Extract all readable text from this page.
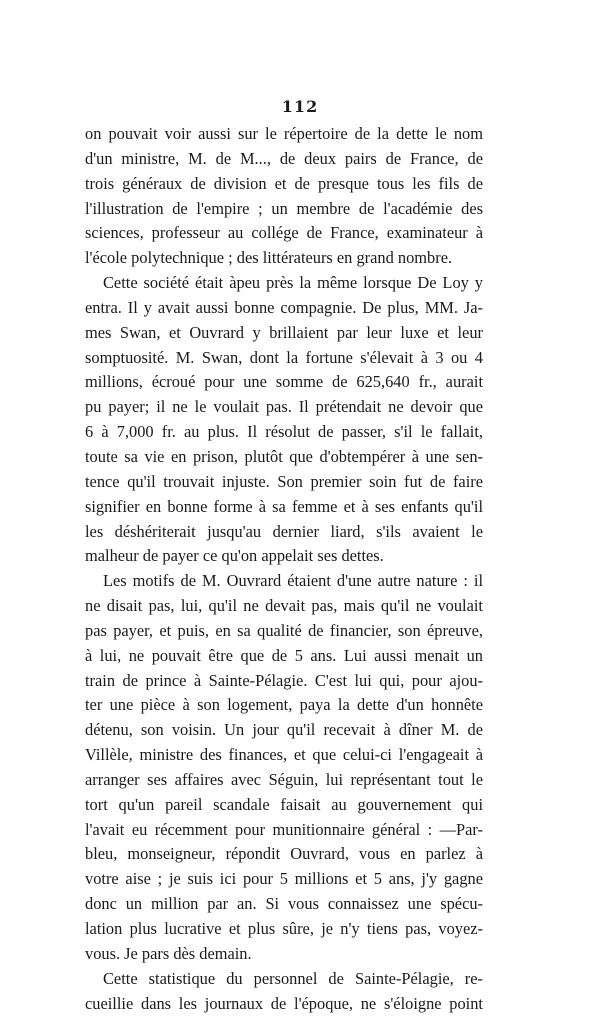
112
on pouvait voir aussi sur le répertoire de la dette le nom
d'un ministre, M. de M..., de deux pairs de France, de
trois généraux de division et de presque tous les fils de
l'illustration de l'empire ; un membre de l'académie des
sciences, professeur au collége de France, examinateur à
l'école polytechnique ; des littérateurs en grand nombre.
Cette société était àpeu près la même lorsque De Loy y
entra. Il y avait aussi bonne compagnie. De plus, MM. Ja-
mes Swan, et Ouvrard y brillaient par leur luxe et leur
somptuosité. M. Swan, dont la fortune s'élevait à 3 ou 4
millions, écroué pour une somme de 625,640 fr., aurait
pu payer; il ne le voulait pas. Il prétendait ne devoir que
6 à 7,000 fr. au plus. Il résolut de passer, s'il le fallait,
toute sa vie en prison, plutôt que d'obtempérer à une sen-
tence qu'il trouvait injuste. Son premier soin fut de faire
signifier en bonne forme à sa femme et à ses enfants qu'il
les déshériterait jusqu'au dernier liard, s'ils avaient le
malheur de payer ce qu'on appelait ses dettes.
Les motifs de M. Ouvrard étaient d'une autre nature : il
ne disait pas, lui, qu'il ne devait pas, mais qu'il ne voulait
pas payer, et puis, en sa qualité de financier, son épreuve,
à lui, ne pouvait être que de 5 ans. Lui aussi menait un
train de prince à Sainte-Pélagie. C'est lui qui, pour ajou-
ter une pièce à son logement, paya la dette d'un honnête
détenu, son voisin. Un jour qu'il recevait à dîner M. de
Villèle, ministre des finances, et que celui-ci l'engageait à
arranger ses affaires avec Séguin, lui représentant tout le
tort qu'un pareil scandale faisait au gouvernement qui
l'avait eu récemment pour munitionnaire général : —Par-
bleu, monseigneur, répondit Ouvrard, vous en parlez à
votre aise ; je suis ici pour 5 millions et 5 ans, j'y gagne
donc un million par an. Si vous connaissez une spécu-
lation plus lucrative et plus sûre, je n'y tiens pas, voyez-
vous. Je pars dès demain.
Cette statistique du personnel de Sainte-Pélagie, re-
cueillie dans les journaux de l'époque, ne s'éloigne point
